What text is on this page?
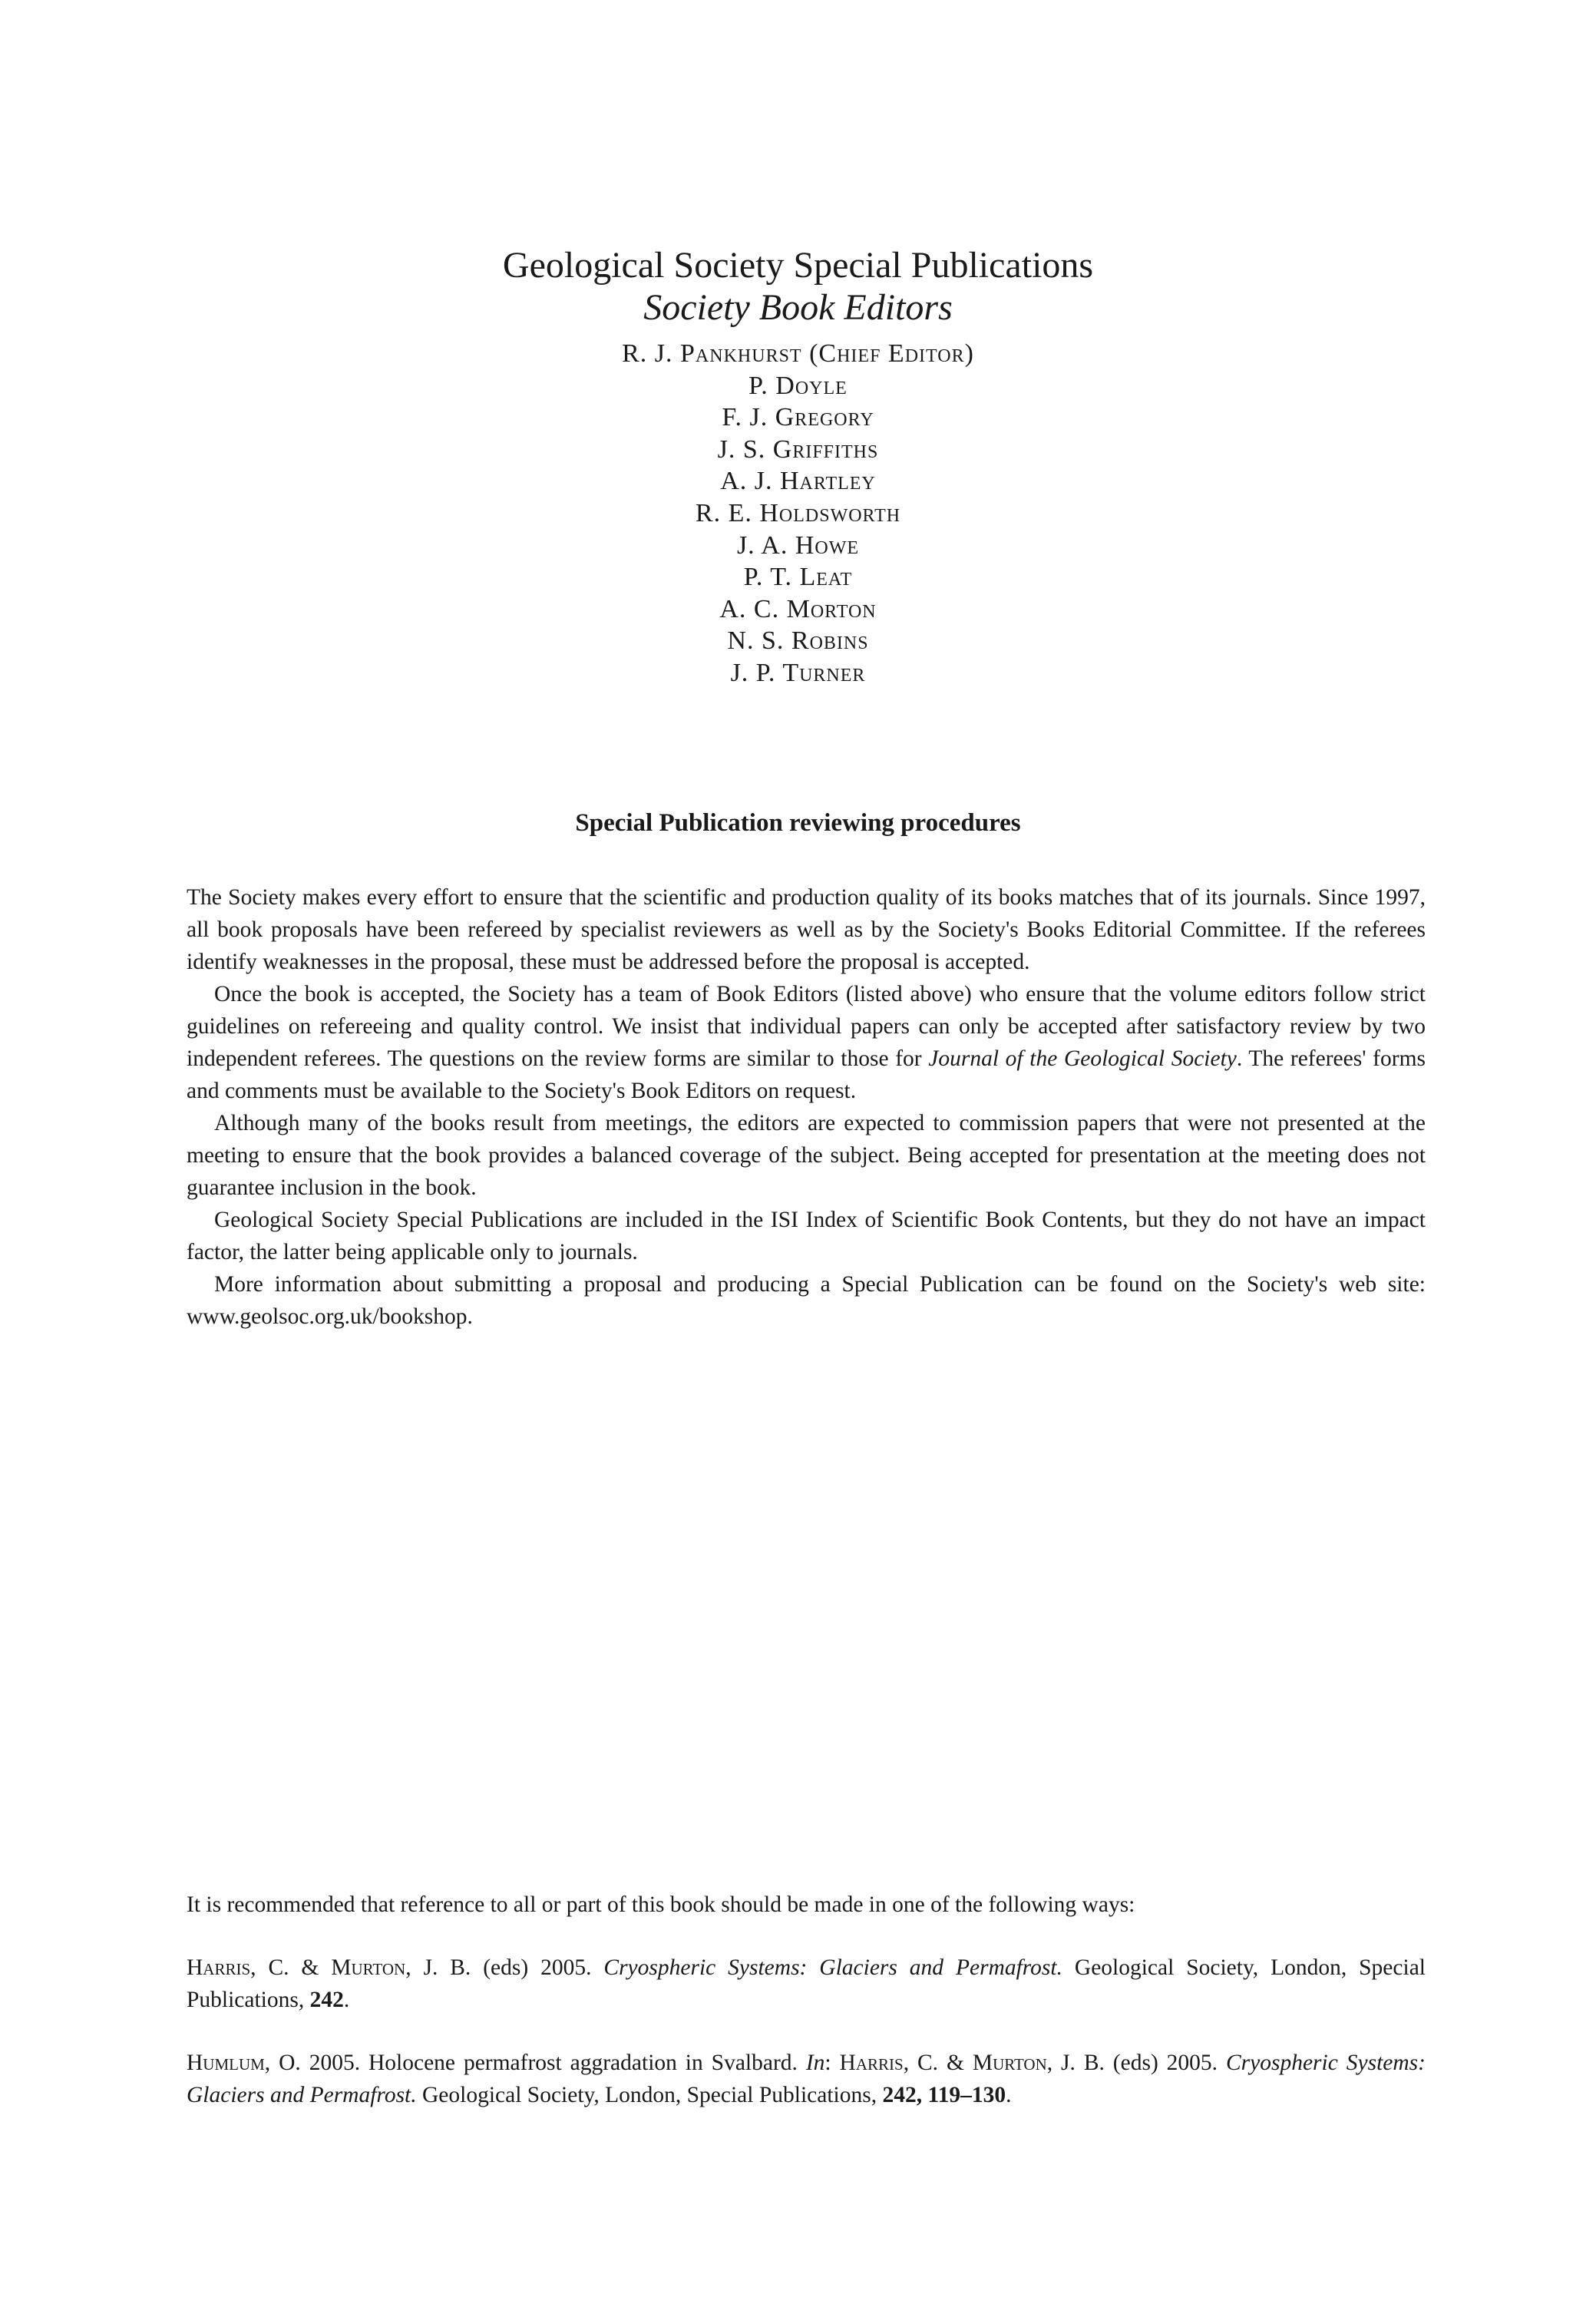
Geological Society Special Publications
Society Book Editors
R. J. Pankhurst (Chief Editor)
P. Doyle
F. J. Gregory
J. S. Griffiths
A. J. Hartley
R. E. Holdsworth
J. A. Howe
P. T. Leat
A. C. Morton
N. S. Robins
J. P. Turner
Special Publication reviewing procedures

The Society makes every effort to ensure that the scientific and production quality of its books matches that of its journals. Since 1997, all book proposals have been refereed by specialist reviewers as well as by the Society's Books Editorial Committee. If the referees identify weaknesses in the proposal, these must be addressed before the proposal is accepted.

Once the book is accepted, the Society has a team of Book Editors (listed above) who ensure that the volume editors follow strict guidelines on refereeing and quality control. We insist that individual papers can only be accepted after satisfactory review by two independent referees. The questions on the review forms are similar to those for Journal of the Geological Society. The referees' forms and comments must be available to the Society's Book Editors on request.

Although many of the books result from meetings, the editors are expected to commission papers that were not presented at the meeting to ensure that the book provides a balanced coverage of the subject. Being accepted for presentation at the meeting does not guarantee inclusion in the book.

Geological Society Special Publications are included in the ISI Index of Scientific Book Contents, but they do not have an impact factor, the latter being applicable only to journals.

More information about submitting a proposal and producing a Special Publication can be found on the Society's web site: www.geolsoc.org.uk/bookshop.

It is recommended that reference to all or part of this book should be made in one of the following ways:

Harris, C. & Murton, J. B. (eds) 2005. Cryospheric Systems: Glaciers and Permafrost. Geological Society, London, Special Publications, 242.

Humlum, O. 2005. Holocene permafrost aggradation in Svalbard. In: Harris, C. & Murton, J. B. (eds) 2005. Cryospheric Systems: Glaciers and Permafrost. Geological Society, London, Special Publications, 242, 119–130.
